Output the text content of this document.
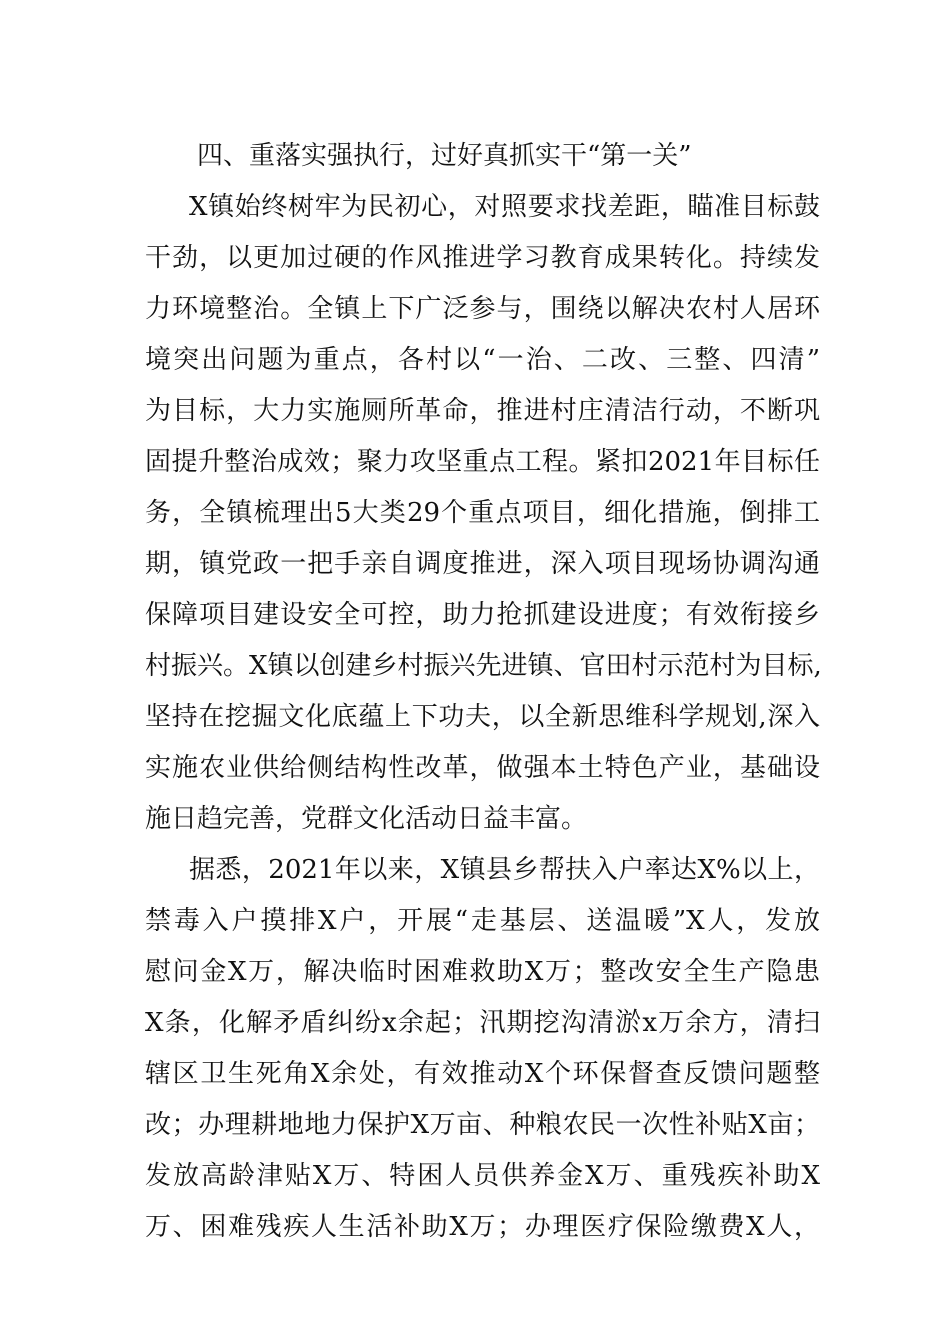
四、重落实强执行，过好真抓实干“第一关”
X镇始终树牢为民初心，对照要求找差距，瞄准目标鼓
干劲，以更加过硬的作风推进学习教育成果转化。持续发
力环境整治。全镇上下广泛参与，围绕以解决农村人居环
境突出问题为重点，各村以“一治、二改、三整、四清”
为目标，大力实施厕所革命，推进村庄清洁行动，不断巩
固提升整治成效；聚力攻坚重点工程。紧扣2021年目标任
务，全镇梳理出5大类29个重点项目，细化措施，倒排工
期，镇党政一把手亲自调度推进，深入项目现场协调沟通
保障项目建设安全可控，助力抢抓建设进度；有效衔接乡
村振兴。X镇以创建乡村振兴先进镇、官田村示范村为目标,
坚持在挖掘文化底蕴上下功夫，以全新思维科学规划,深入
实施农业供给侧结构性改革，做强本土特色产业，基础设
施日趋完善，党群文化活动日益丰富。
据悉，2021年以来，X镇县乡帮扶入户率达X%以上，
禁毒入户摸排X户，开展“走基层、送温暖”X人，发放
慰问金X万，解决临时困难救助X万；整改安全生产隐患
X条，化解矛盾纠纷x余起；汛期挖沟清淤x万余方，清扫
辖区卫生死角X余处，有效推动X个环保督查反馈问题整
改；办理耕地地力保护X万亩、种粮农民一次性补贴X亩；
发放高龄津贴X万、特困人员供养金X万、重残疾补助X
万、困难残疾人生活补助X万；办理医疗保险缴费X人，
